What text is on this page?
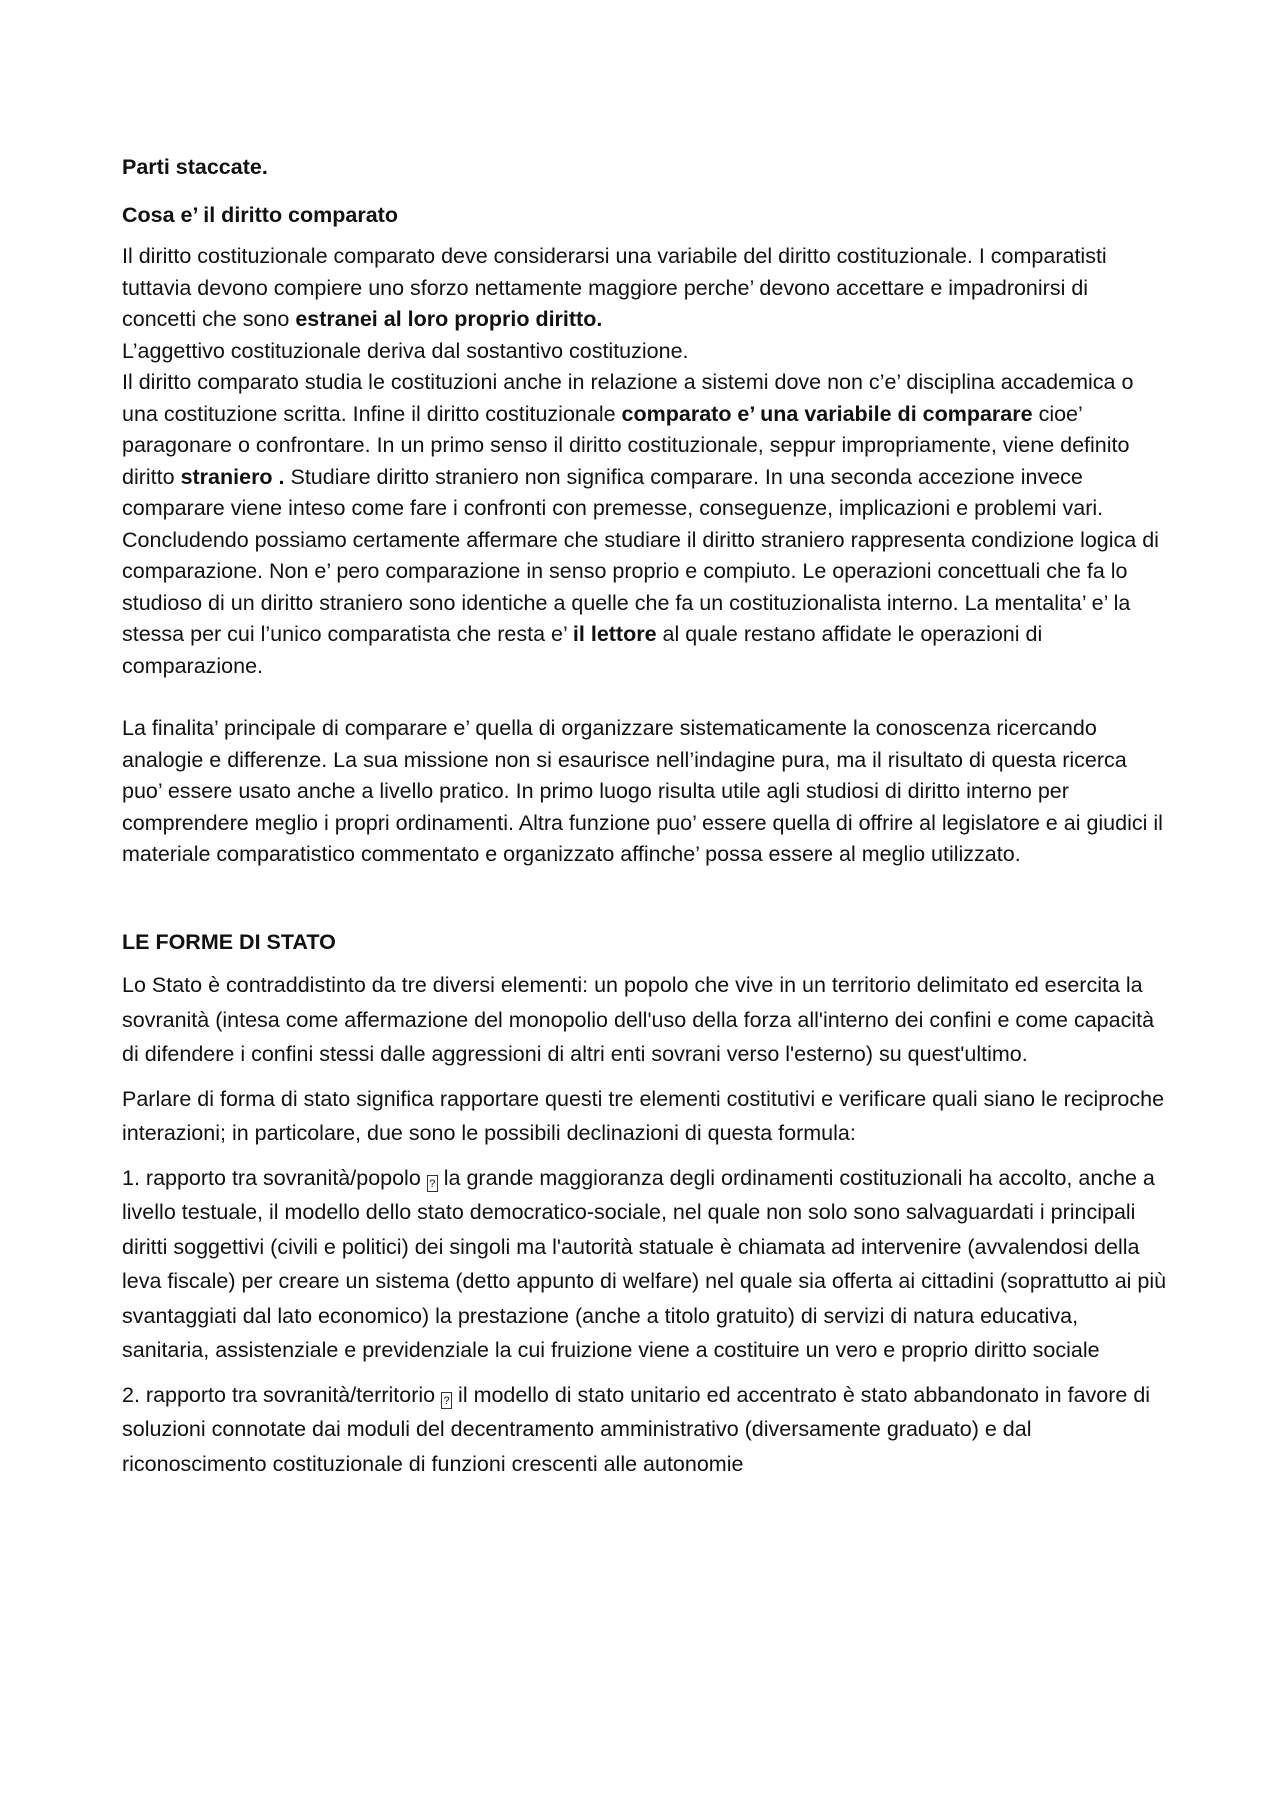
Parti staccate.

Cosa e’ il diritto comparato

Il diritto costituzionale comparato deve considerarsi una variabile del diritto costituzionale. I comparatisti tuttavia devono compiere uno sforzo nettamente maggiore perche’ devono accettare e impadronirsi di concetti che sono estranei al loro proprio diritto.
L’aggettivo costituzionale deriva dal sostantivo costituzione.
Il diritto comparato studia le costituzioni anche in relazione a sistemi dove non c’e’ disciplina accademica o una costituzione scritta. Infine il diritto costituzionale comparato e’ una variabile di comparare cioe’ paragonare o confrontare. In un primo senso il diritto costituzionale, seppur impropriamente, viene definito diritto straniero . Studiare diritto straniero non significa comparare. In una seconda accezione invece comparare viene inteso come fare i confronti con premesse, conseguenze, implicazioni e problemi vari. Concludendo possiamo certamente affermare che studiare il diritto straniero rappresenta condizione logica di comparazione. Non e’ pero comparazione in senso proprio e compiuto. Le operazioni concettuali che fa lo studioso di un diritto straniero sono identiche a quelle che fa un costituzionalista interno. La mentalita’ e’ la stessa per cui l’unico comparatista che resta e’ il lettore al quale restano affidate le operazioni di comparazione.

La finalita’ principale di comparare e’ quella di organizzare sistematicamente la conoscenza ricercando analogie e differenze. La sua missione non si esaurisce nell’indagine pura, ma il risultato di questa ricerca puo’ essere usato anche a livello pratico. In primo luogo risulta utile agli studiosi di diritto interno per comprendere meglio i propri ordinamenti. Altra funzione puo’ essere quella di offrire al legislatore e ai giudici il materiale comparatistico commentato e organizzato affinche’ possa essere al meglio utilizzato.

LE FORME DI STATO

Lo Stato è contraddistinto da tre diversi elementi: un popolo che vive in un territorio delimitato ed esercita la sovranità (intesa come affermazione del monopolio dell'uso della forza all'interno dei confini e come capacità di difendere i confini stessi dalle aggressioni di altri enti sovrani verso l'esterno) su quest'ultimo.

Parlare di forma di stato significa rapportare questi tre elementi costitutivi e verificare quali siano le reciproche interazioni; in particolare, due sono le possibili declinazioni di questa formula:

1. rapporto tra sovranità/popolo ? la grande maggioranza degli ordinamenti costituzionali ha accolto, anche a livello testuale, il modello dello stato democratico-sociale, nel quale non solo sono salvaguardati i principali diritti soggettivi (civili e politici) dei singoli ma l'autorità statuale è chiamata ad intervenire (avvalendosi della leva fiscale) per creare un sistema (detto appunto di welfare) nel quale sia offerta ai cittadini (soprattutto ai più svantaggiati dal lato economico) la prestazione (anche a titolo gratuito) di servizi di natura educativa, sanitaria, assistenziale e previdenziale la cui fruizione viene a costituire un vero e proprio diritto sociale

2. rapporto tra sovranità/territorio ? il modello di stato unitario ed accentrato è stato abbandonato in favore di soluzioni connotate dai moduli del decentramento amministrativo (diversamente graduato) e dal riconoscimento costituzionale di funzioni crescenti alle autonomie
